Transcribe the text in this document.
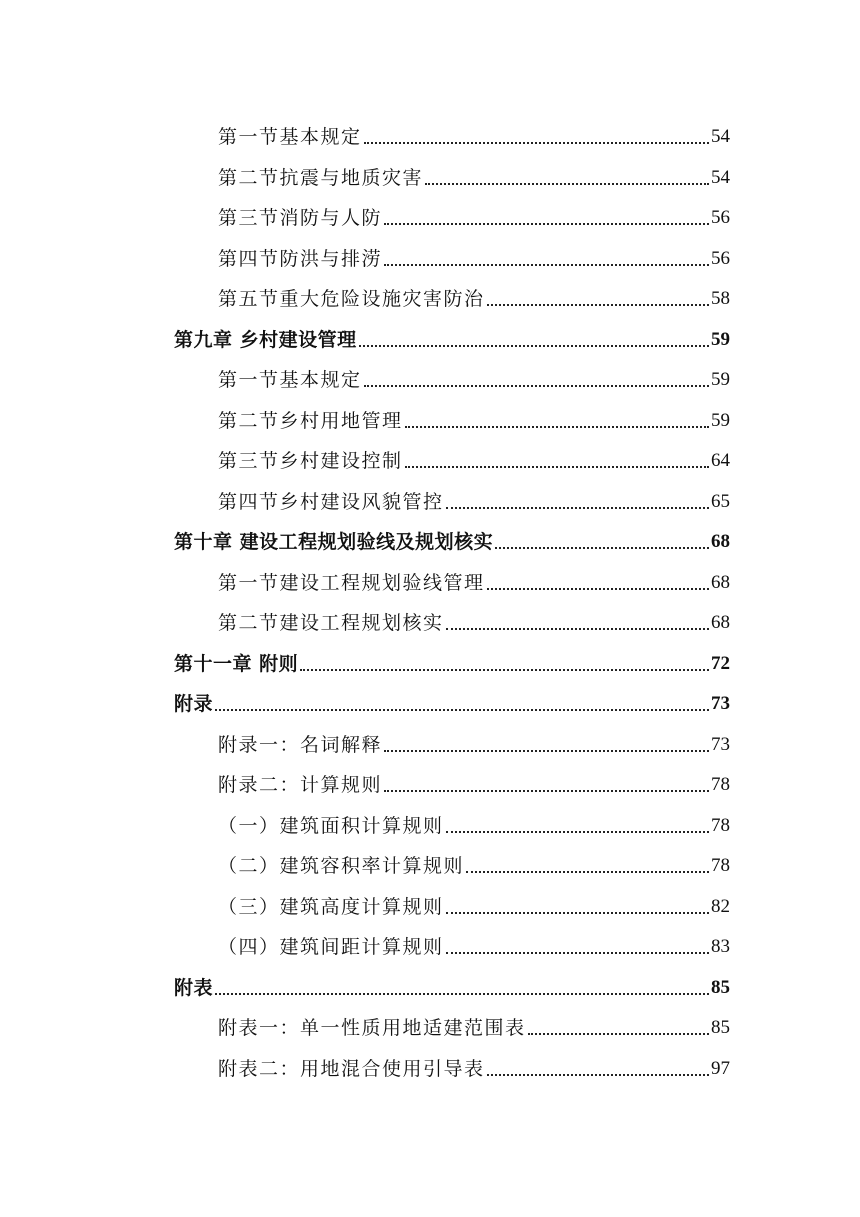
第一节基本规定	54
第二节抗震与地质灾害	54
第三节消防与人防	56
第四节防洪与排涝	56
第五节重大危险设施灾害防治	58
第九章 乡村建设管理	59
第一节基本规定	59
第二节乡村用地管理	59
第三节乡村建设控制	64
第四节乡村建设风貌管控	65
第十章 建设工程规划验线及规划核实	68
第一节建设工程规划验线管理	68
第二节建设工程规划核实	68
第十一章 附则	72
附录	73
附录一：名词解释	73
附录二：计算规则	78
（一）建筑面积计算规则	78
（二）建筑容积率计算规则	78
（三）建筑高度计算规则	82
（四）建筑间距计算规则	83
附表	85
附表一：单一性质用地适建范围表	85
附表二：用地混合使用引导表	97
